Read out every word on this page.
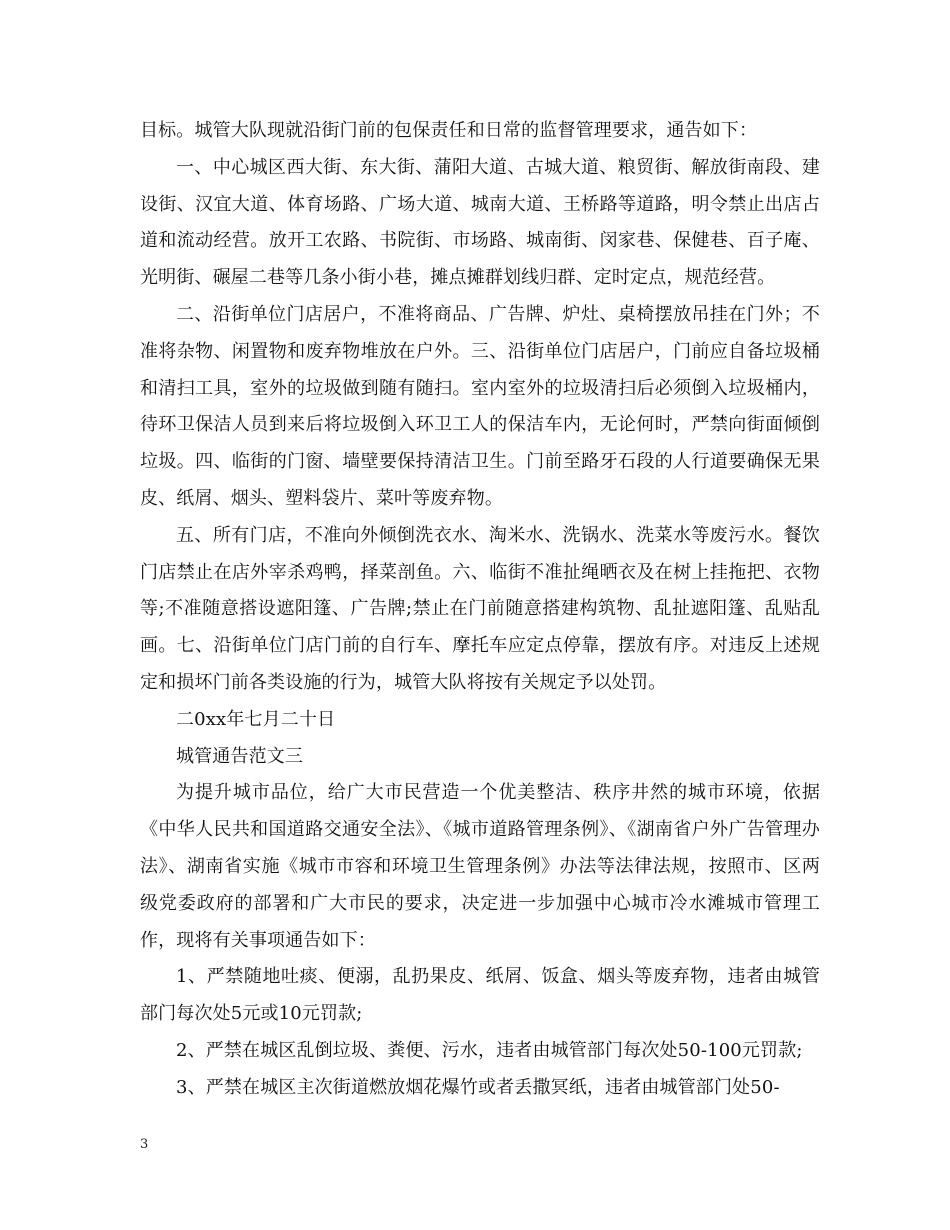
目标。城管大队现就沿街门前的包保责任和日常的监督管理要求，通告如下：

一、中心城区西大街、东大街、蒲阳大道、古城大道、粮贸街、解放街南段、建设街、汉宜大道、体育场路、广场大道、城南大道、王桥路等道路，明令禁止出店占道和流动经营。放开工农路、书院街、市场路、城南街、闵家巷、保健巷、百子庵、光明街、碾屋二巷等几条小街小巷，摊点摊群划线归群、定时定点，规范经营。

二、沿街单位门店居户，不准将商品、广告牌、炉灶、桌椅摆放吊挂在门外；不准将杂物、闲置物和废弃物堆放在户外。三、沿街单位门店居户，门前应自备垃圾桶和清扫工具，室外的垃圾做到随有随扫。室内室外的垃圾清扫后必须倒入垃圾桶内，待环卫保洁人员到来后将垃圾倒入环卫工人的保洁车内，无论何时，严禁向街面倾倒垃圾。四、临街的门窗、墙壁要保持清洁卫生。门前至路牙石段的人行道要确保无果皮、纸屑、烟头、塑料袋片、菜叶等废弃物。

五、所有门店，不准向外倾倒洗衣水、淘米水、洗锅水、洗菜水等废污水。餐饮门店禁止在店外宰杀鸡鸭，择菜剖鱼。六、临街不准扯绳晒衣及在树上挂拖把、衣物等;不准随意搭设遮阳篷、广告牌;禁止在门前随意搭建构筑物、乱扯遮阳篷、乱贴乱画。七、沿街单位门店门前的自行车、摩托车应定点停靠，摆放有序。对违反上述规定和损坏门前各类设施的行为，城管大队将按有关规定予以处罚。

二0xx年七月二十日

城管通告范文三

为提升城市品位，给广大市民营造一个优美整洁、秩序井然的城市环境，依据《中华人民共和国道路交通安全法》、《城市道路管理条例》、《湖南省户外广告管理办法》、湖南省实施《城市市容和环境卫生管理条例》办法等法律法规，按照市、区两级党委政府的部署和广大市民的要求，决定进一步加强中心城市冷水滩城市管理工作，现将有关事项通告如下：

1、严禁随地吐痰、便溺，乱扔果皮、纸屑、饭盒、烟头等废弃物，违者由城管部门每次处5元或10元罚款;

2、严禁在城区乱倒垃圾、粪便、污水，违者由城管部门每次处50-100元罚款;

3、严禁在城区主次街道燃放烟花爆竹或者丢撒冥纸，违者由城管部门处50-

3
